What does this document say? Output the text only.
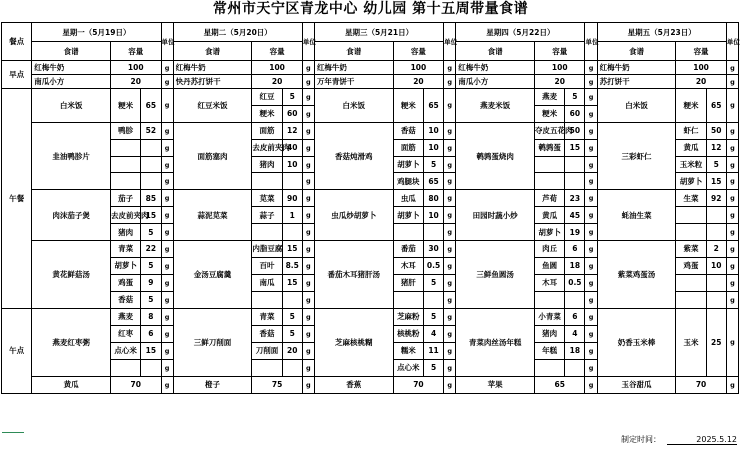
常州市天宁区青龙中心 幼儿园 第十五周带量食谱
餐点	星期一（5月19日）			单位	星期二（5月20日）			单位	星期三（5月21日）			单位	星期四（5月22日）			单位	星期五（5月23日）			单位
	食谱	容量			食谱	容量			食谱	容量			食谱	容量			食谱	容量		
早点	红梅牛奶	100		g	红梅牛奶	100		g	红梅牛奶	100		g	红梅牛奶	100		g	红梅牛奶	100		g
	南瓜小方	20		g	快丹苏打饼干	20		g	万年青饼干	20		g	南瓜小方	20		g	苏打饼干	20		g
午餐	白米饭	粳米	65	g	红豆米饭	红豆	5	g	白米饭	粳米	65	g	燕麦米饭	燕麦	5	g	白米饭	粳米	65	g
						粳米	60	g						粳米	60	g				
	韭油鸭胗片	鸭胗	52	g	面筋塞肉	面筋	12	g	香菇炖滑鸡	香菇	10	g	鹌鹑蛋烧肉	夺皮五花肉	50	g	三彩虾仁	虾仁	50	g
				g		去皮前夹肉	40	g		面筋	10	g		鹌鹑蛋	15	g		黄瓜	12	g
				g		猪肉	10	g		胡萝卜	5	g				g		玉米粒	5	g
				g				g		鸡腿块	65	g				g		胡萝卜	15	g
	肉沫茄子煲	茄子	85	g	蒜泥苋菜	苋菜	90	g	虫瓜炒胡萝卜	虫瓜	80	g	田园时蔬小炒	芦荀	23	g	蚝油生菜	生菜	92	g
		去皮前夹肉	15	g		蒜子	1	g		胡萝卜	10	g		黄瓜	45	g				g
		猪肉	5	g				g				g		胡萝卜	19	g				g
	黄花鲜菇汤	青菜	22	g	金汤豆腐羹	内脂豆腐	15	g	番茄木耳猪肝汤	番茄	30	g	三鲜鱼圆汤	肉丘	6	g	紫菜鸡蛋汤	紫菜	2	g
		胡萝卜	5	g		百叶	8.5	g		木耳	0.5	g		鱼圆	18	g		鸡蛋	10	g
		鸡蛋	9	g		南瓜	15	g		猪肝	5	g		木耳	0.5	g				g
		香菇	5	g				g				g				g				g
午点	燕麦红枣粥	燕麦	8	g	三鲜刀削面	青菜	5	g	芝麻核桃糊	芝麻粉	5	g	青菜肉丝汤年糕	小青菜	6	g	奶香玉米棒	玉米	25	g
		红枣	6	g		香菇	5	g		核桃粉	4	g		猪肉	4	g				
		点心米	15	g		刀削面	20	g		糯米	11	g		年糕	18	g				
				g				g		点心米	5	g				g				
	黄瓜	70		g	橙子	75		g	香蕉	70		g	苹果	65		g	玉谷甜瓜	70		g
制定时间：	2025.5.12
